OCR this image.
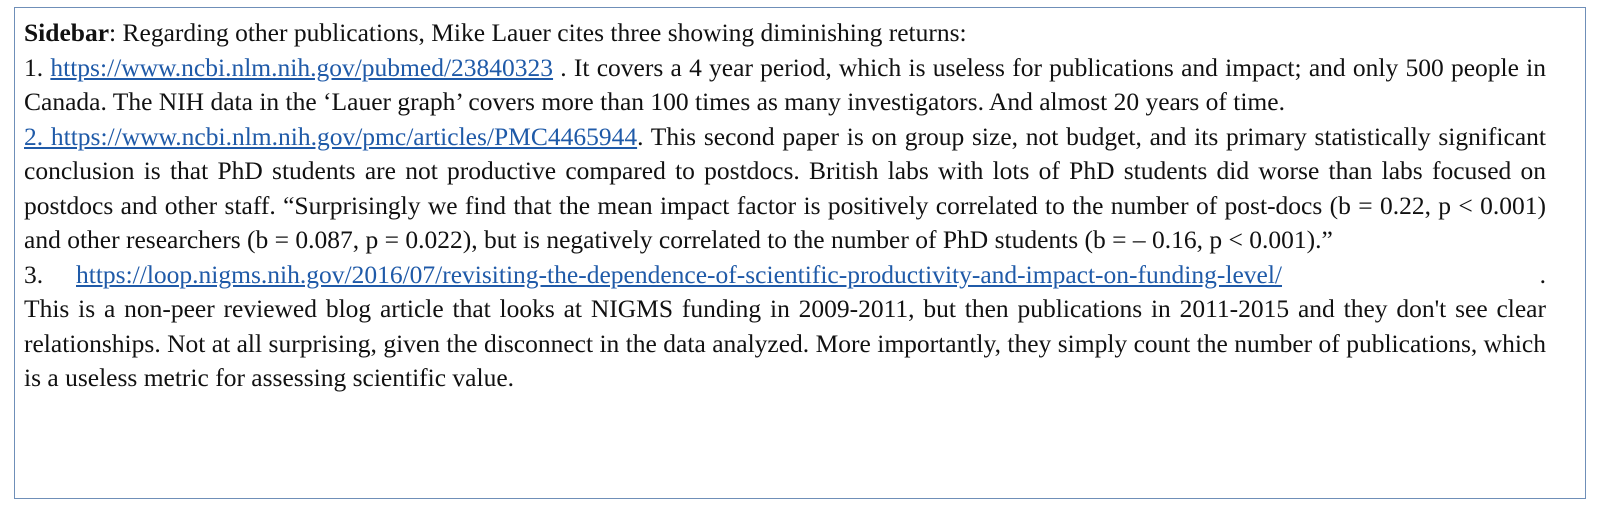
Sidebar: Regarding other publications, Mike Lauer cites three showing diminishing returns:

1. https://www.ncbi.nlm.nih.gov/pubmed/23840323 . It covers a 4 year period, which is useless for publications and impact; and only 500 people in Canada. The NIH data in the ‘Lauer graph’ covers more than 100 times as many investigators. And almost 20 years of time.

2. https://www.ncbi.nlm.nih.gov/pmc/articles/PMC4465944. This second paper is on group size, not budget, and its primary statistically significant conclusion is that PhD students are not productive compared to postdocs. British labs with lots of PhD students did worse than labs focused on postdocs and other staff. “Surprisingly we find that the mean impact factor is positively correlated to the number of post-docs (b = 0.22, p < 0.001) and other researchers (b = 0.087, p = 0.022), but is negatively correlated to the number of PhD students (b = – 0.16, p < 0.001).”

3.	https://loop.nigms.nih.gov/2016/07/revisiting-the-dependence-of-scientific-productivity-and-impact-on-funding-level/	.

This is a non-peer reviewed blog article that looks at NIGMS funding in 2009-2011, but then publications in 2011-2015 and they don't see clear relationships. Not at all surprising, given the disconnect in the data analyzed. More importantly, they simply count the number of publications, which is a useless metric for assessing scientific value.
